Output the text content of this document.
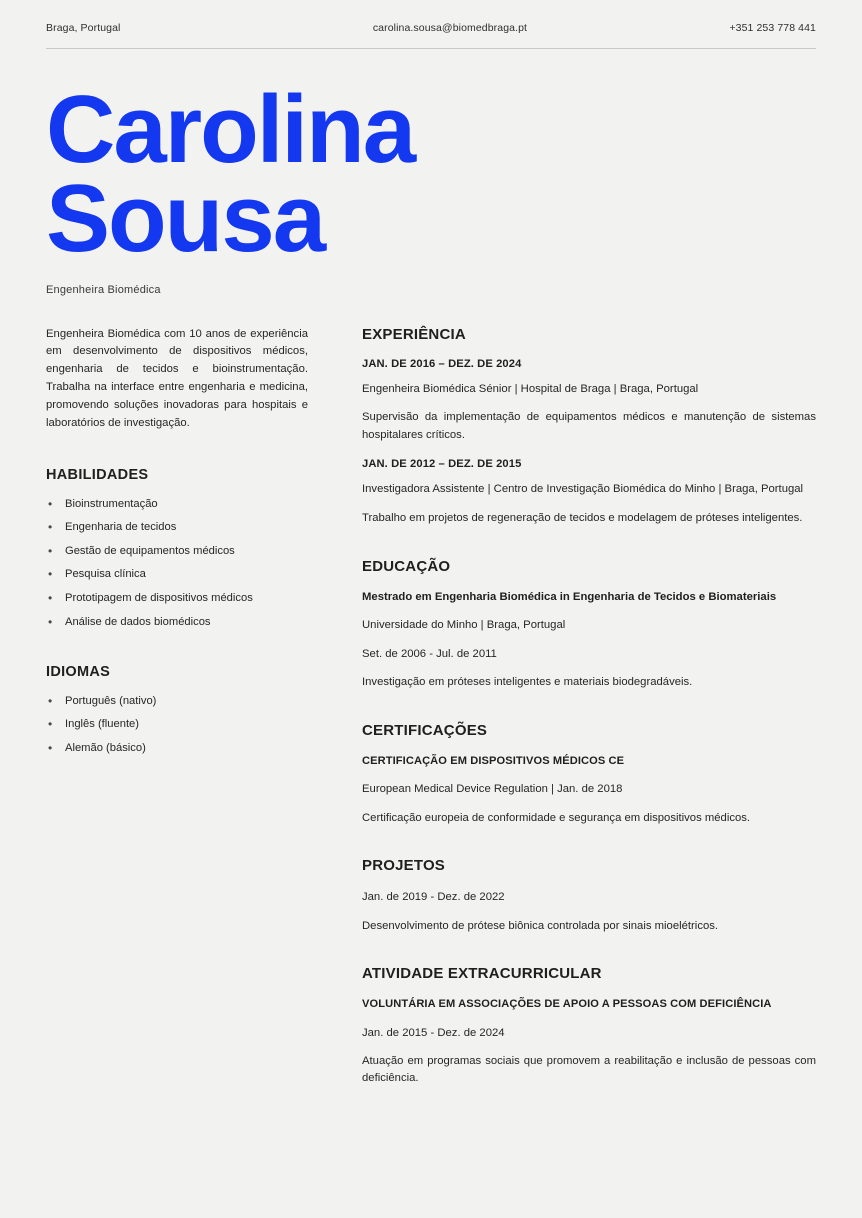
Braga, Portugal	carolina.sousa@biomedbraga.pt	+351 253 778 441
Carolina
Sousa
Engenheira Biomédica

Engenheira Biomédica com 10 anos de experiência em desenvolvimento de dispositivos médicos, engenharia de tecidos e bioinstrumentação. Trabalha na interface entre engenharia e medicina, promovendo soluções inovadoras para hospitais e laboratórios de investigação.

HABILIDADES
• Bioinstrumentação
• Engenharia de tecidos
• Gestão de equipamentos médicos
• Pesquisa clínica
• Prototipagem de dispositivos médicos
• Análise de dados biomédicos
IDIOMAS
• Português (nativo)
• Inglês (fluente)
• Alemão (básico)
EXPERIÊNCIA
JAN. DE 2016 – DEZ. DE 2024
Engenheira Biomédica Sénior | Hospital de Braga | Braga, Portugal
Supervisão da implementação de equipamentos médicos e manutenção de sistemas hospitalares críticos.
JAN. DE 2012 – DEZ. DE 2015
Investigadora Assistente | Centro de Investigação Biomédica do Minho | Braga, Portugal
Trabalho em projetos de regeneração de tecidos e modelagem de próteses inteligentes.
EDUCAÇÃO
Mestrado em Engenharia Biomédica in Engenharia de Tecidos e Biomateriais
Universidade do Minho | Braga, Portugal
Set. de 2006 - Jul. de 2011
Investigação em próteses inteligentes e materiais biodegradáveis.
CERTIFICAÇÕES
CERTIFICAÇÃO EM DISPOSITIVOS MÉDICOS CE
European Medical Device Regulation | Jan. de 2018
Certificação europeia de conformidade e segurança em dispositivos médicos.
PROJETOS
Jan. de 2019 - Dez. de 2022
Desenvolvimento de prótese biônica controlada por sinais mioelétricos.
ATIVIDADE EXTRACURRICULAR
VOLUNTÁRIA EM ASSOCIAÇÕES DE APOIO A PESSOAS COM DEFICIÊNCIA
Jan. de 2015 - Dez. de 2024
Atuação em programas sociais que promovem a reabilitação e inclusão de pessoas com deficiência.
